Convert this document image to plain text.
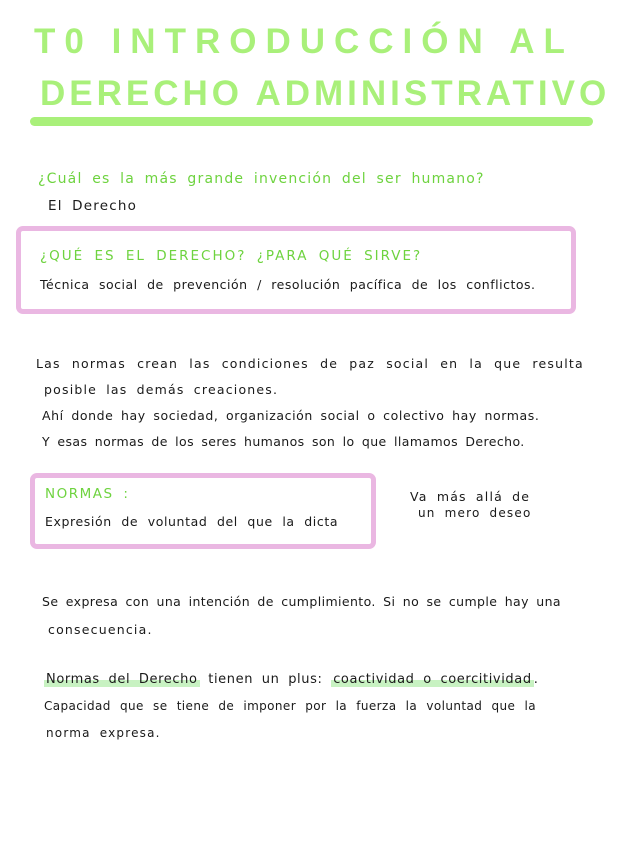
T0 INTRODUCCIÓN AL
DERECHO ADMINISTRATIVO
¿Cuál es la más grande invención del ser humano?
El Derecho
¿QUÉ ES EL DERECHO? ¿PARA QUÉ SIRVE?
Técnica social de prevención / resolución pacífica de los conflictos.
Las normas crean las condiciones de paz social en la que resulta
posible las demás creaciones.
Ahí donde hay sociedad, organización social o colectivo hay normas.
Y esas normas de los seres humanos son lo que llamamos Derecho.
NORMAS :
Expresión de voluntad del que la dicta
Va más allá de
un mero deseo
Se expresa con una intención de cumplimiento. Si no se cumple hay una
consecuencia.
Normas del Derecho tienen un plus: coactividad o coercitividad .
Capacidad que se tiene de imponer por la fuerza la voluntad que la
norma expresa.
